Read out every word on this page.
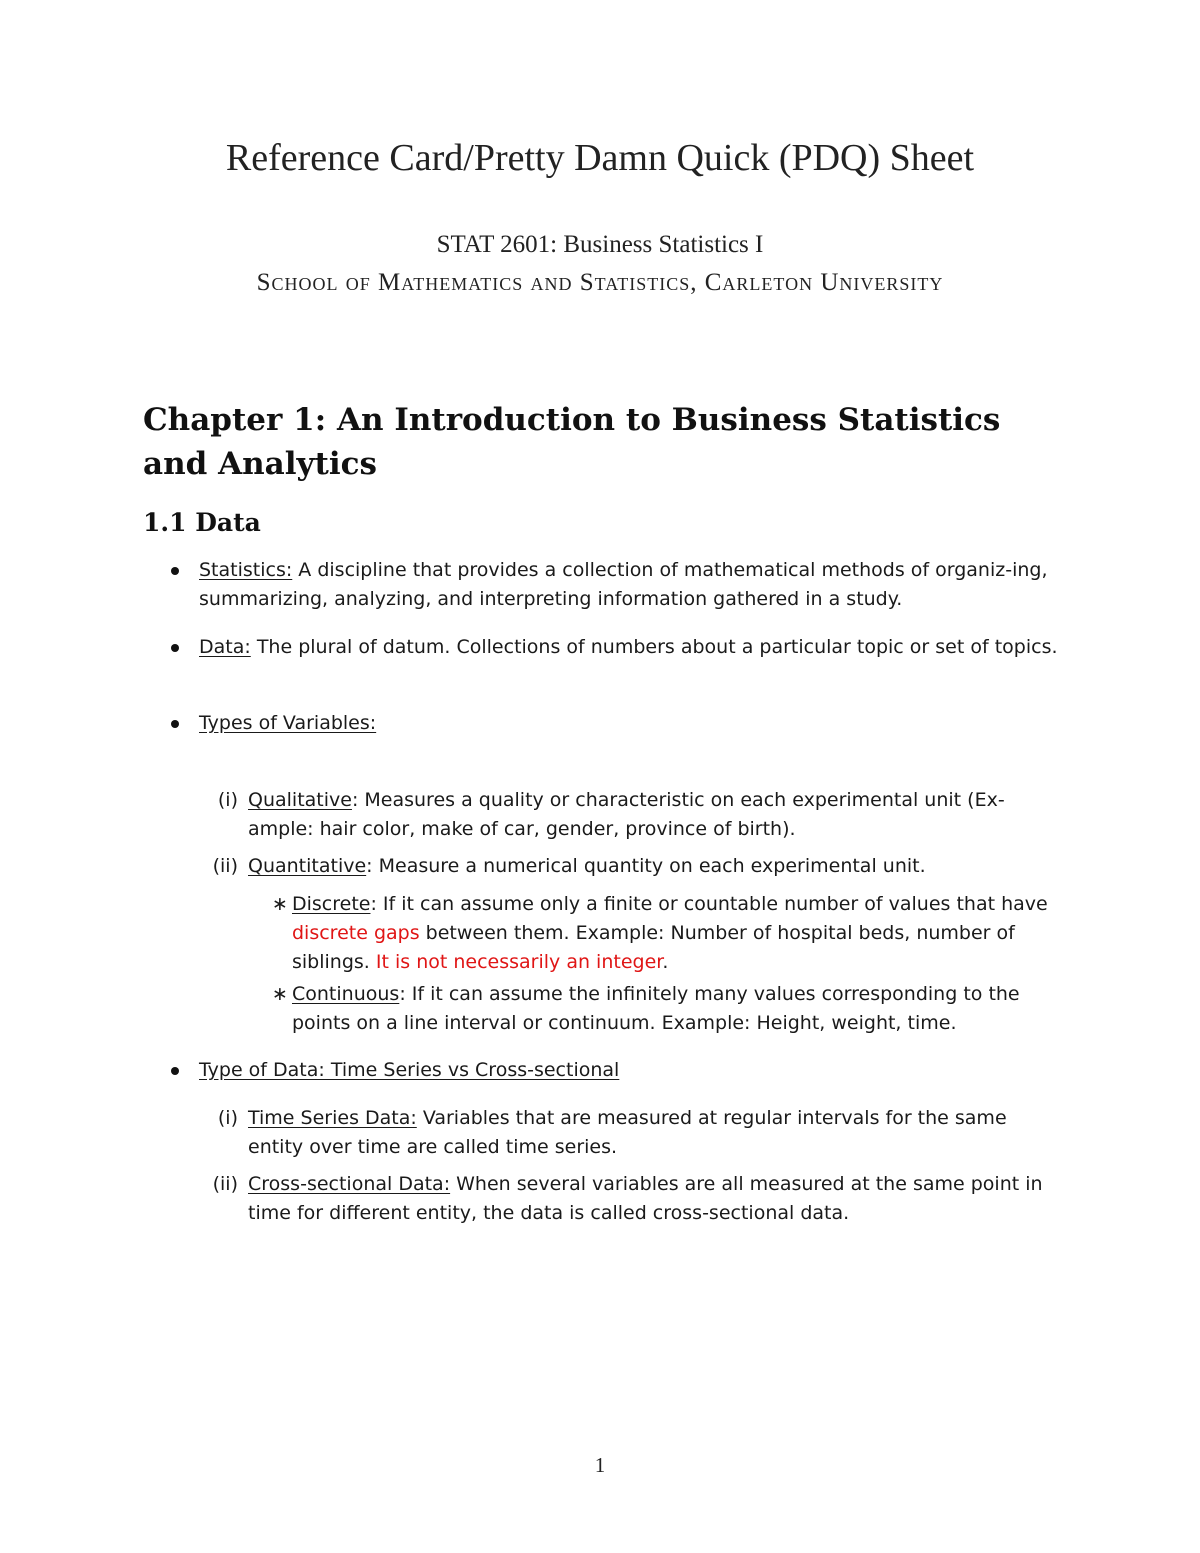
Reference Card/Pretty Damn Quick (PDQ) Sheet
STAT 2601: Business Statistics I
School of Mathematics and Statistics, Carleton University
Chapter 1: An Introduction to Business Statistics and Analytics
1.1 Data
Statistics: A discipline that provides a collection of mathematical methods of organiz-ing, summarizing, analyzing, and interpreting information gathered in a study.
Data: The plural of datum. Collections of numbers about a particular topic or set of topics.
Types of Variables:
(i) Qualitative: Measures a quality or characteristic on each experimental unit (Ex-ample: hair color, make of car, gender, province of birth).
(ii) Quantitative: Measure a numerical quantity on each experimental unit.
∗ Discrete: If it can assume only a finite or countable number of values that have discrete gaps between them. Example: Number of hospital beds, number of siblings. It is not necessarily an integer.
∗ Continuous: If it can assume the infinitely many values corresponding to the points on a line interval or continuum. Example: Height, weight, time.
Type of Data: Time Series vs Cross-sectional
(i) Time Series Data: Variables that are measured at regular intervals for the same entity over time are called time series.
(ii) Cross-sectional Data: When several variables are all measured at the same point in time for different entity, the data is called cross-sectional data.
1
